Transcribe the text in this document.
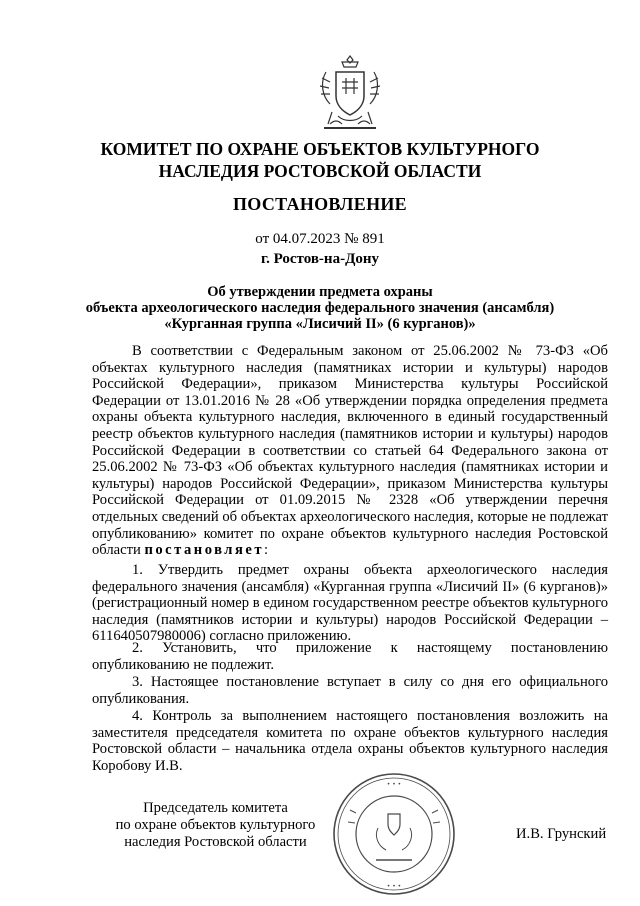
КОМИТЕТ ПО ОХРАНЕ ОБЪЕКТОВ КУЛЬТУРНОГО
НАСЛЕДИЯ РОСТОВСКОЙ ОБЛАСТИ
ПОСТАНОВЛЕНИЕ
от 04.07.2023 № 891
г. Ростов-на-Дону
Об утверждении предмета охраны
объекта археологического наследия федерального значения (ансамбля)
«Курганная группа «Лисичий II» (6 курганов)»

В соответствии с Федеральным законом от 25.06.2002 № 73-ФЗ «Об объектах культурного наследия (памятниках истории и культуры) народов Российской Федерации», приказом Министерства культуры Российской Федерации от 13.01.2016 № 28 «Об утверждении порядка определения предмета охраны объекта культурного наследия, включенного в единый государственный реестр объектов культурного наследия (памятников истории и культуры) народов Российской Федерации в соответствии со статьей 64 Федерального закона от 25.06.2002 № 73-ФЗ «Об объектах культурного наследия (памятниках истории и культуры) народов Российской Федерации», приказом Министерства культуры Российской Федерации от 01.09.2015 № 2328 «Об утверждении перечня отдельных сведений об объектах археологического наследия, которые не подлежат опубликованию» комитет по охране объектов культурного наследия Ростовской области постановляет:

1. Утвердить предмет охраны объекта археологического наследия федерального значения (ансамбля) «Курганная группа «Лисичий II» (6 курганов)» (регистрационный номер в едином государственном реестре объектов культурного наследия (памятников истории и культуры) народов Российской Федерации – 611640507980006) согласно приложению.

2. Установить, что приложение к настоящему постановлению опубликованию не подлежит.

3. Настоящее постановление вступает в силу со дня его официального опубликования.

4. Контроль за выполнением настоящего постановления возложить на заместителя председателя комитета по охране объектов культурного наследия Ростовской области – начальника отдела охраны объектов культурного наследия Коробову И.В.

Председатель комитета
по охране объектов культурного
наследия Ростовской области
• • •
• • •
И.В. Грунский
